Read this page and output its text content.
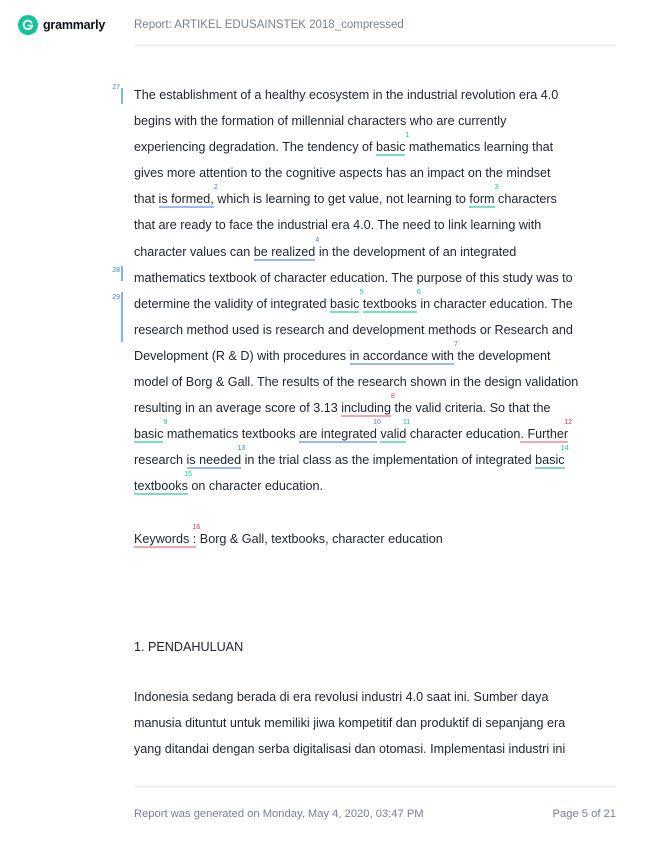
grammarly	Report: ARTIKEL EDUSAINSTEK 2018_compressed
27
28
29
The establishment of a healthy ecosystem in the industrial revolution era 4.0
begins with the formation of millennial characters who are currently
experiencing degradation. The tendency of basic
1
mathematics learning that
gives more attention to the cognitive aspects has an impact on the mindset
that is formed,
2
which is learning to get value, not learning to form
3
characters
that are ready to face the industrial era 4.0. The need to link learning with
character values can be realized
4
in the development of an integrated
mathematics textbook of character education. The purpose of this study was to
determine the validity of integrated basic
5
textbooks
6
in character education. The
research method used is research and development methods or Research and
Development (R & D) with procedures in accordance with
7
the development
model of Borg & Gall. The results of the research shown in the design validation
resulting in an average score of 3.13 including
8
the valid criteria. So that the
basic
9
mathematics textbooks are integrated
10
valid
11
character education. Further
12
research is needed
13
in the trial class as the implementation of integrated basic
14
textbooks
15
on character education.
Keywords :
16
Borg & Gall, textbooks, character education
1. PENDAHULUAN
Indonesia sedang berada di era revolusi industri 4.0 saat ini. Sumber daya
manusia dituntut untuk memiliki jiwa kompetitif dan produktif di sepanjang era
yang ditandai dengan serba digitalisasi dan otomasi. Implementasi industri ini
Report was generated on Monday, May 4, 2020, 03:47 PM	Page 5 of 21
